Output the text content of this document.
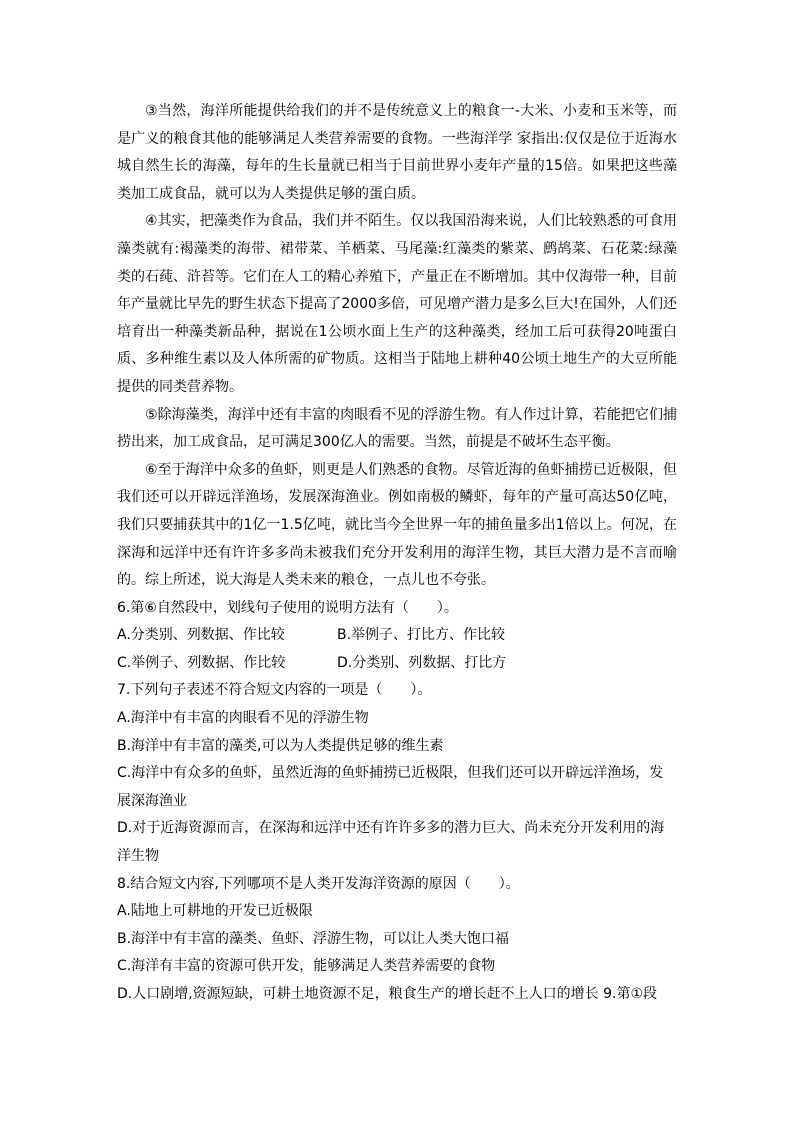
③当然，海洋所能提供给我们的并不是传统意义上的粮食一-大米、小麦和玉米等，而是广义的粮食其他的能够满足人类营养需要的食物。一些海洋学 家指出:仅仅是位于近海水城自然生长的海藻，每年的生长量就已相当于目前世界小麦年产量的15倍。如果把这些藻类加工成食品，就可以为人类提供足够的蛋白质。

④其实，把藻类作为食品，我们并不陌生。仅以我国沿海来说，人们比较熟悉的可食用藻类就有:褐藻类的海带、裙带菜、羊栖菜、马尾藻:红藻类的紫菜、鹧鸪菜、石花菜:绿藻类的石莼、浒苔等。它们在人工的精心养殖下，产量正在不断增加。其中仅海带一种，目前年产量就比早先的野生状态下提高了2000多倍，可见增产潜力是多么巨大!在国外，人们还培育出一种藻类新品种，据说在1公顷水面上生产的这种藻类，经加工后可获得20吨蛋白质、多种维生素以及人体所需的矿物质。这相当于陆地上耕种40公顷土地生产的大豆所能提供的同类营养物。

⑤除海藻类，海洋中还有丰富的肉眼看不见的浮游生物。有人作过计算，若能把它们捕捞出来，加工成食品，足可满足300亿人的需要。当然，前提是不破坏生态平衡。

⑥至于海洋中众多的鱼虾，则更是人们熟悉的食物。尽管近海的鱼虾捕捞已近极限，但我们还可以开辟远洋渔场，发展深海渔业。例如南极的鳞虾，每年的产量可高达50亿吨，我们只要捕获其中的1亿一1.5亿吨，就比当今全世界一年的捕鱼量多出1倍以上。何况，在深海和远洋中还有许许多多尚未被我们充分开发利用的海洋生物，其巨大潜力是不言而喻的。综上所述，说大海是人类未来的粮仓，一点儿也不夸张。

6.第⑥自然段中，划线句子使用的说明方法有（　　）。

A.分类别、列数据、作比较	B.举例子、打比方、作比较

C.举例子、列数据、作比较	D.分类别、列数据、打比方

7.下列句子表述不符合短文内容的一项是（　　）。

A.海洋中有丰富的肉眼看不见的浮游生物

B.海洋中有丰富的藻类,可以为人类提供足够的维生素

C.海洋中有众多的鱼虾，虽然近海的鱼虾捕捞已近极限，但我们还可以开辟远洋渔场，发展深海渔业

D.对于近海资源而言，在深海和远洋中还有许许多多的潜力巨大、尚未充分开发利用的海洋生物

8.结合短文内容,下列哪项不是人类开发海洋资源的原因（　　）。

A.陆地上可耕地的开发已近极限

B.海洋中有丰富的藻类、鱼虾、浮游生物，可以让人类大饱口福

C.海洋有丰富的资源可供开发，能够满足人类营养需要的食物

D.人口剧增,资源短缺，可耕土地资源不足，粮食生产的增长赶不上人口的增长 9.第①段
